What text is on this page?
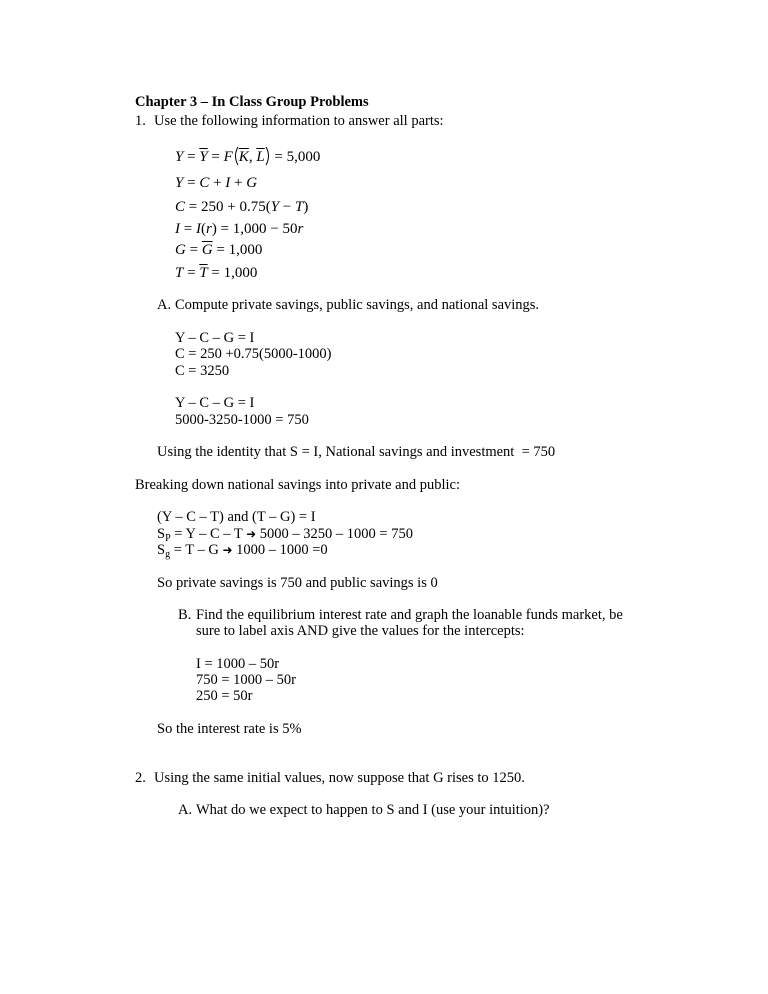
Chapter 3 – In Class Group Problems
1. Use the following information to answer all parts:
$Y = \overline{Y} = F$ $\overline{K}$, $\overline{L} = 5,000$
Y = C + I + G
C = 250 + 0.75(Y − T)
I = I(r) = 1,000 − 50r
$G = \overline{G} = 1,000$
$T = \overline{T} = 1,000$
A. Compute private savings, public savings, and national savings.
Y – C – G = I
C = 250 +0.75(5000-1000)
C = 3250
Y – C – G = I
5000-3250-1000 = 750
Using the identity that S = I, National savings and investment  = 750
Breaking down national savings into private and public:
(Y – C – T) and (T – G) = I
$S_P = Y - C - T$ ➜ 5000 – 3250 – 1000 = 750
$S_g = T - G$ ➜ 1000 – 1000 =0
So private savings is 750 and public savings is 0
B. Find the equilibrium interest rate and graph the loanable funds market, be
sure to label axis AND give the values for the intercepts:
I = 1000 – 50r
750 = 1000 – 50r
250 = 50r
So the interest rate is 5%
2. Using the same initial values, now suppose that G rises to 1250.
A. What do we expect to happen to S and I (use your intuition)?
